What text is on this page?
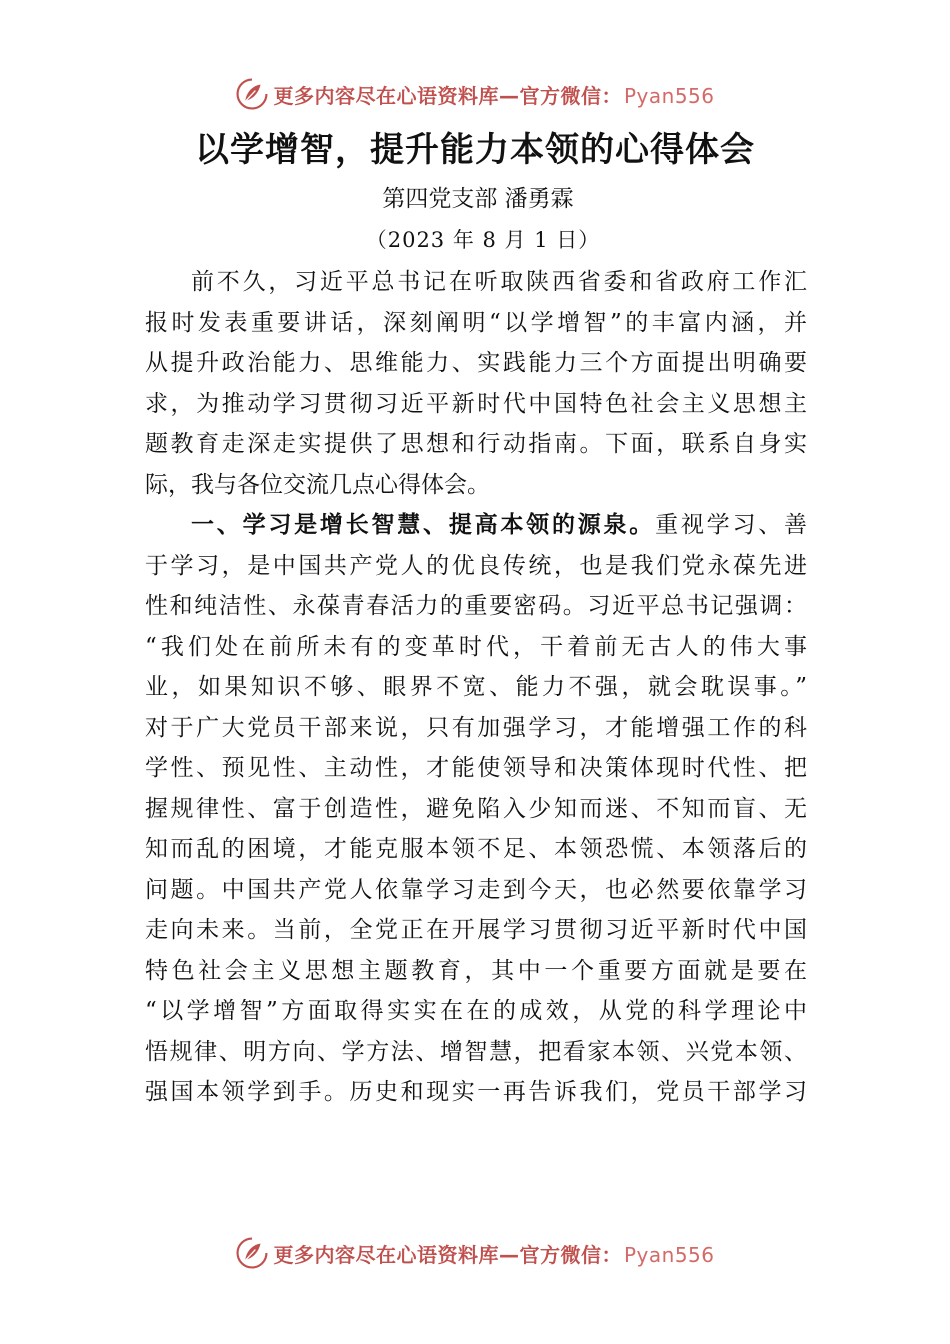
更多内容尽在心语资料库—官方微信： Pyan556
以学增智，提升能力本领的心得体会
第四党支部 潘勇霖
（2023 年 8 月 1 日）
前不久，习近平总书记在听取陕西省委和省政府工作汇
报时发表重要讲话，深刻阐明“以学增智”的丰富内涵，并
从提升政治能力、思维能力、实践能力三个方面提出明确要
求，为推动学习贯彻习近平新时代中国特色社会主义思想主
题教育走深走实提供了思想和行动指南。下面，联系自身实
际，我与各位交流几点心得体会。
一、学习是增长智慧、提高本领的源泉。重视学习、善
于学习，是中国共产党人的优良传统，也是我们党永葆先进
性和纯洁性、永葆青春活力的重要密码。习近平总书记强调：
“我们处在前所未有的变革时代，干着前无古人的伟大事
业，如果知识不够、眼界不宽、能力不强，就会耽误事。”
对于广大党员干部来说，只有加强学习，才能增强工作的科
学性、预见性、主动性，才能使领导和决策体现时代性、把
握规律性、富于创造性，避免陷入少知而迷、不知而盲、无
知而乱的困境，才能克服本领不足、本领恐慌、本领落后的
问题。中国共产党人依靠学习走到今天，也必然要依靠学习
走向未来。当前，全党正在开展学习贯彻习近平新时代中国
特色社会主义思想主题教育，其中一个重要方面就是要在
“以学增智”方面取得实实在在的成效，从党的科学理论中
悟规律、明方向、学方法、增智慧，把看家本领、兴党本领、
强国本领学到手。历史和现实一再告诉我们，党员干部学习
更多内容尽在心语资料库—官方微信： Pyan556
